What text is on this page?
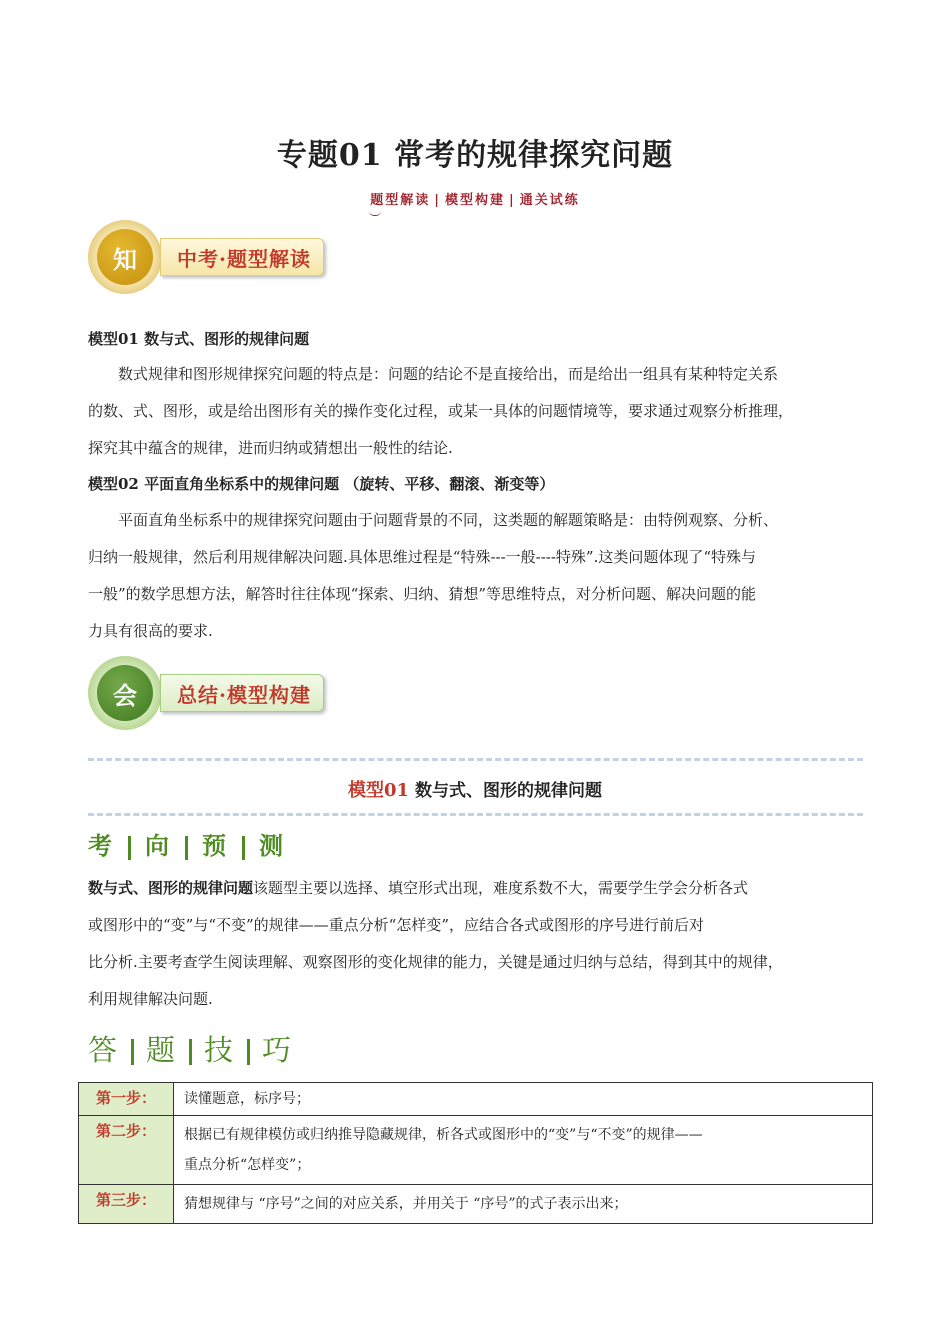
专题01 常考的规律探究问题
题型解读 | 模型构建 | 通关试练
知	中考·题型解读
模型01 数与式、图形的规律问题

数式规律和图形规律探究问题的特点是：问题的结论不是直接给出，而是给出一组具有某种特定关系

的数、式、图形，或是给出图形有关的操作变化过程，或某一具体的问题情境等，要求通过观察分析推理，

探究其中蕴含的规律，进而归纳或猜想出一般性的结论.

模型02 平面直角坐标系中的规律问题 （旋转、平移、翻滚、渐变等）

平面直角坐标系中的规律探究问题由于问题背景的不同，这类题的解题策略是：由特例观察、分析、

归纳一般规律，然后利用规律解决问题.具体思维过程是“特殊---一般----特殊”.这类问题体现了“特殊与

一般”的数学思想方法，解答时往往体现“探索、归纳、猜想”等思维特点，对分析问题、解决问题的能

力具有很高的要求.

会	总结·模型构建
模型01 数与式、图形的规律问题
考 向 预 测

数与式、图形的规律问题该题型主要以选择、填空形式出现，难度系数不大，需要学生学会分析各式

或图形中的“变”与“不变”的规律——重点分析“怎样变”，应结合各式或图形的序号进行前后对

比分析.主要考查学生阅读理解、观察图形的变化规律的能力，关键是通过归纳与总结，得到其中的规律，

利用规律解决问题.

答 题 技 巧
第一步：	读懂题意，标序号；
第二步：	根据已有规律模仿或归纳推导隐藏规律，析各式或图形中的“变”与“不变”的规律——
重点分析“怎样变”；

第三步：	猜想规律与 “序号”之间的对应关系，并用关于 “序号”的式子表示出来；
